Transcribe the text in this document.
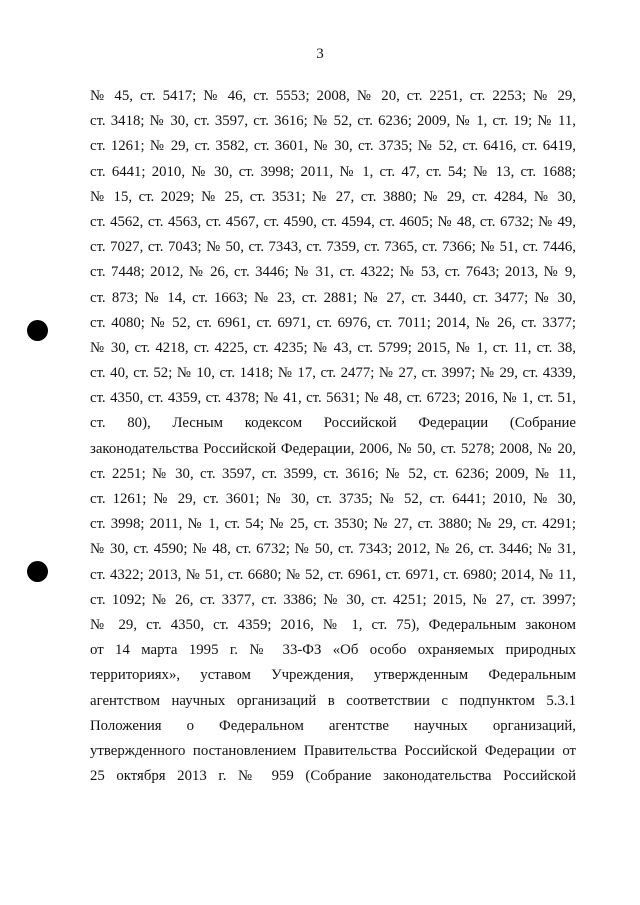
3
№ 45, ст. 5417; № 46, ст. 5553; 2008, № 20, ст. 2251, ст. 2253; № 29,
ст. 3418; № 30, ст. 3597, ст. 3616; № 52, ст. 6236; 2009, № 1, ст. 19; № 11,
ст. 1261; № 29, ст. 3582, ст. 3601, № 30, ст. 3735; № 52, ст. 6416, ст. 6419,
ст. 6441; 2010, № 30, ст. 3998; 2011, № 1, ст. 47, ст. 54; № 13, ст. 1688;
№ 15, ст. 2029; № 25, ст. 3531; № 27, ст. 3880; № 29, ст. 4284, № 30,
ст. 4562, ст. 4563, ст. 4567, ст. 4590, ст. 4594, ст. 4605; № 48, ст. 6732; № 49,
ст. 7027, ст. 7043; № 50, ст. 7343, ст. 7359, ст. 7365, ст. 7366; № 51, ст. 7446,
ст. 7448; 2012, № 26, ст. 3446; № 31, ст. 4322; № 53, ст. 7643; 2013, № 9,
ст. 873; № 14, ст. 1663; № 23, ст. 2881; № 27, ст. 3440, ст. 3477; № 30,
ст. 4080; № 52, ст. 6961, ст. 6971, ст. 6976, ст. 7011; 2014, № 26, ст. 3377;
№ 30, ст. 4218, ст. 4225, ст. 4235; № 43, ст. 5799; 2015, № 1, ст. 11, ст. 38,
ст. 40, ст. 52; № 10, ст. 1418; № 17, ст. 2477; № 27, ст. 3997; № 29, ст. 4339,
ст. 4350, ст. 4359, ст. 4378; № 41, ст. 5631; № 48, ст. 6723; 2016, № 1, ст. 51,
ст. 80), Лесным кодексом Российской Федерации (Собрание
законодательства Российской Федерации, 2006, № 50, ст. 5278; 2008, № 20,
ст. 2251; № 30, ст. 3597, ст. 3599, ст. 3616; № 52, ст. 6236; 2009, № 11,
ст. 1261; № 29, ст. 3601; № 30, ст. 3735; № 52, ст. 6441; 2010, № 30,
ст. 3998; 2011, № 1, ст. 54; № 25, ст. 3530; № 27, ст. 3880; № 29, ст. 4291;
№ 30, ст. 4590; № 48, ст. 6732; № 50, ст. 7343; 2012, № 26, ст. 3446; № 31,
ст. 4322; 2013, № 51, ст. 6680; № 52, ст. 6961, ст. 6971, ст. 6980; 2014, № 11,
ст. 1092; № 26, ст. 3377, ст. 3386; № 30, ст. 4251; 2015, № 27, ст. 3997;
№ 29, ст. 4350, ст. 4359; 2016, № 1, ст. 75), Федеральным законом
от 14 марта 1995 г. № 33-ФЗ «Об особо охраняемых природных
территориях», уставом Учреждения, утвержденным Федеральным
агентством научных организаций в соответствии с подпунктом 5.3.1
Положения о Федеральном агентстве научных организаций,
утвержденного постановлением Правительства Российской Федерации от
25 октября 2013 г. № 959 (Собрание законодательства Российской
